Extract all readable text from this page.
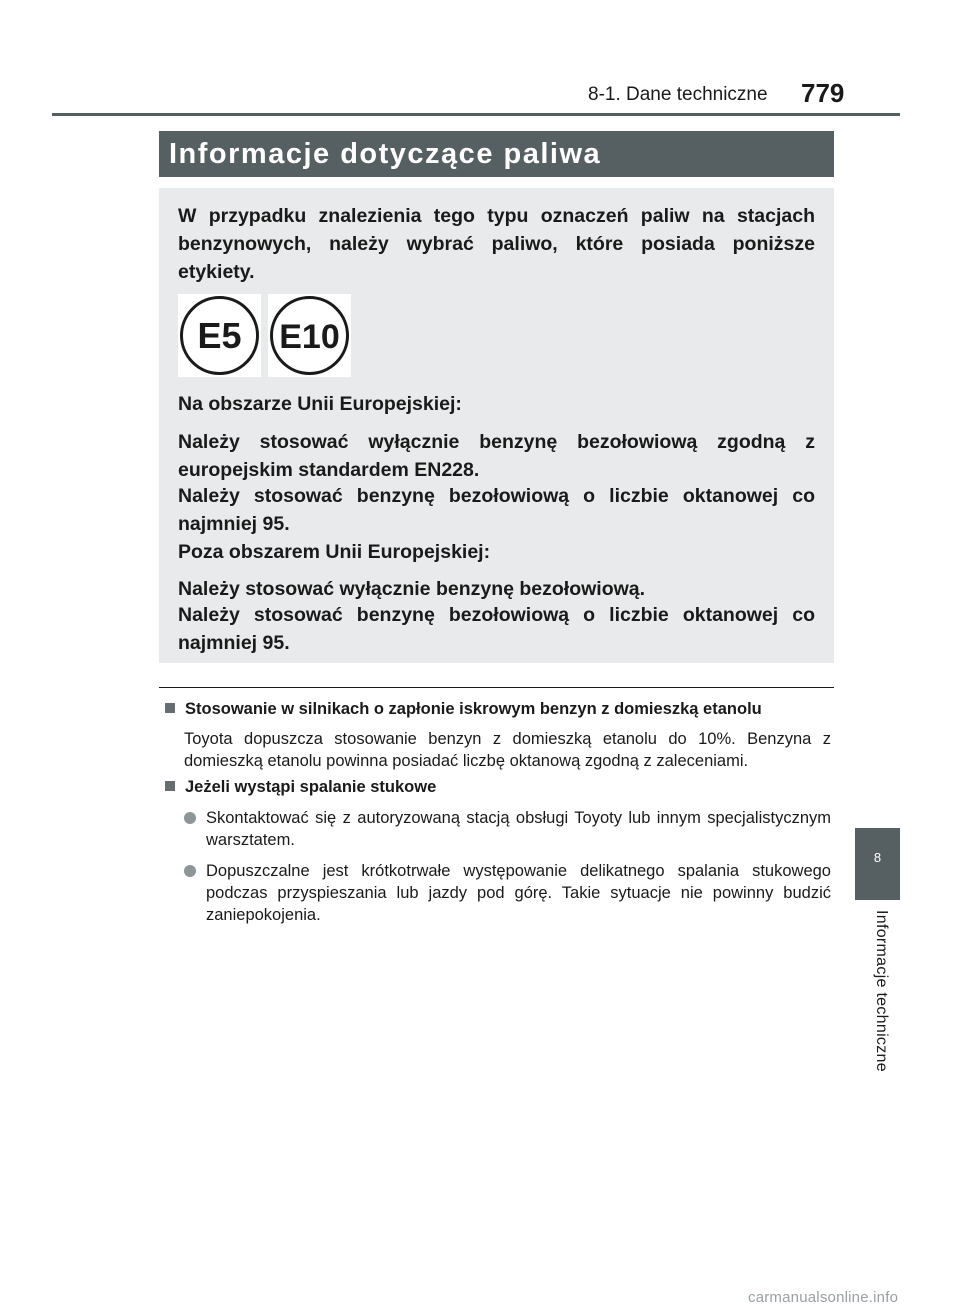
8-1. Dane techniczne 779
Informacje dotyczące paliwa
W przypadku znalezienia tego typu oznaczeń paliw na stacjach benzynowych, należy wybrać paliwo, które posiada poniższe etykiety.
E5 E10
Na obszarze Unii Europejskiej:
Należy stosować wyłącznie benzynę bezołowiową zgodną z europejskim standardem EN228.
Należy stosować benzynę bezołowiową o liczbie oktanowej co najmniej 95.
Poza obszarem Unii Europejskiej:
Należy stosować wyłącznie benzynę bezołowiową.
Należy stosować benzynę bezołowiową o liczbie oktanowej co najmniej 95.
Stosowanie w silnikach o zapłonie iskrowym benzyn z domieszką etanolu
Toyota dopuszcza stosowanie benzyn z domieszką etanolu do 10%. Benzyna z domieszką etanolu powinna posiadać liczbę oktanową zgodną z zaleceniami.
Jeżeli wystąpi spalanie stukowe
Skontaktować się z autoryzowaną stacją obsługi Toyoty lub innym specjalistycznym warsztatem.
Dopuszczalne jest krótkotrwałe występowanie delikatnego spalania stukowego podczas przyspieszania lub jazdy pod górę. Takie sytuacje nie powinny budzić zaniepokojenia.
8
Informacje techniczne
carmanualsonline.info
